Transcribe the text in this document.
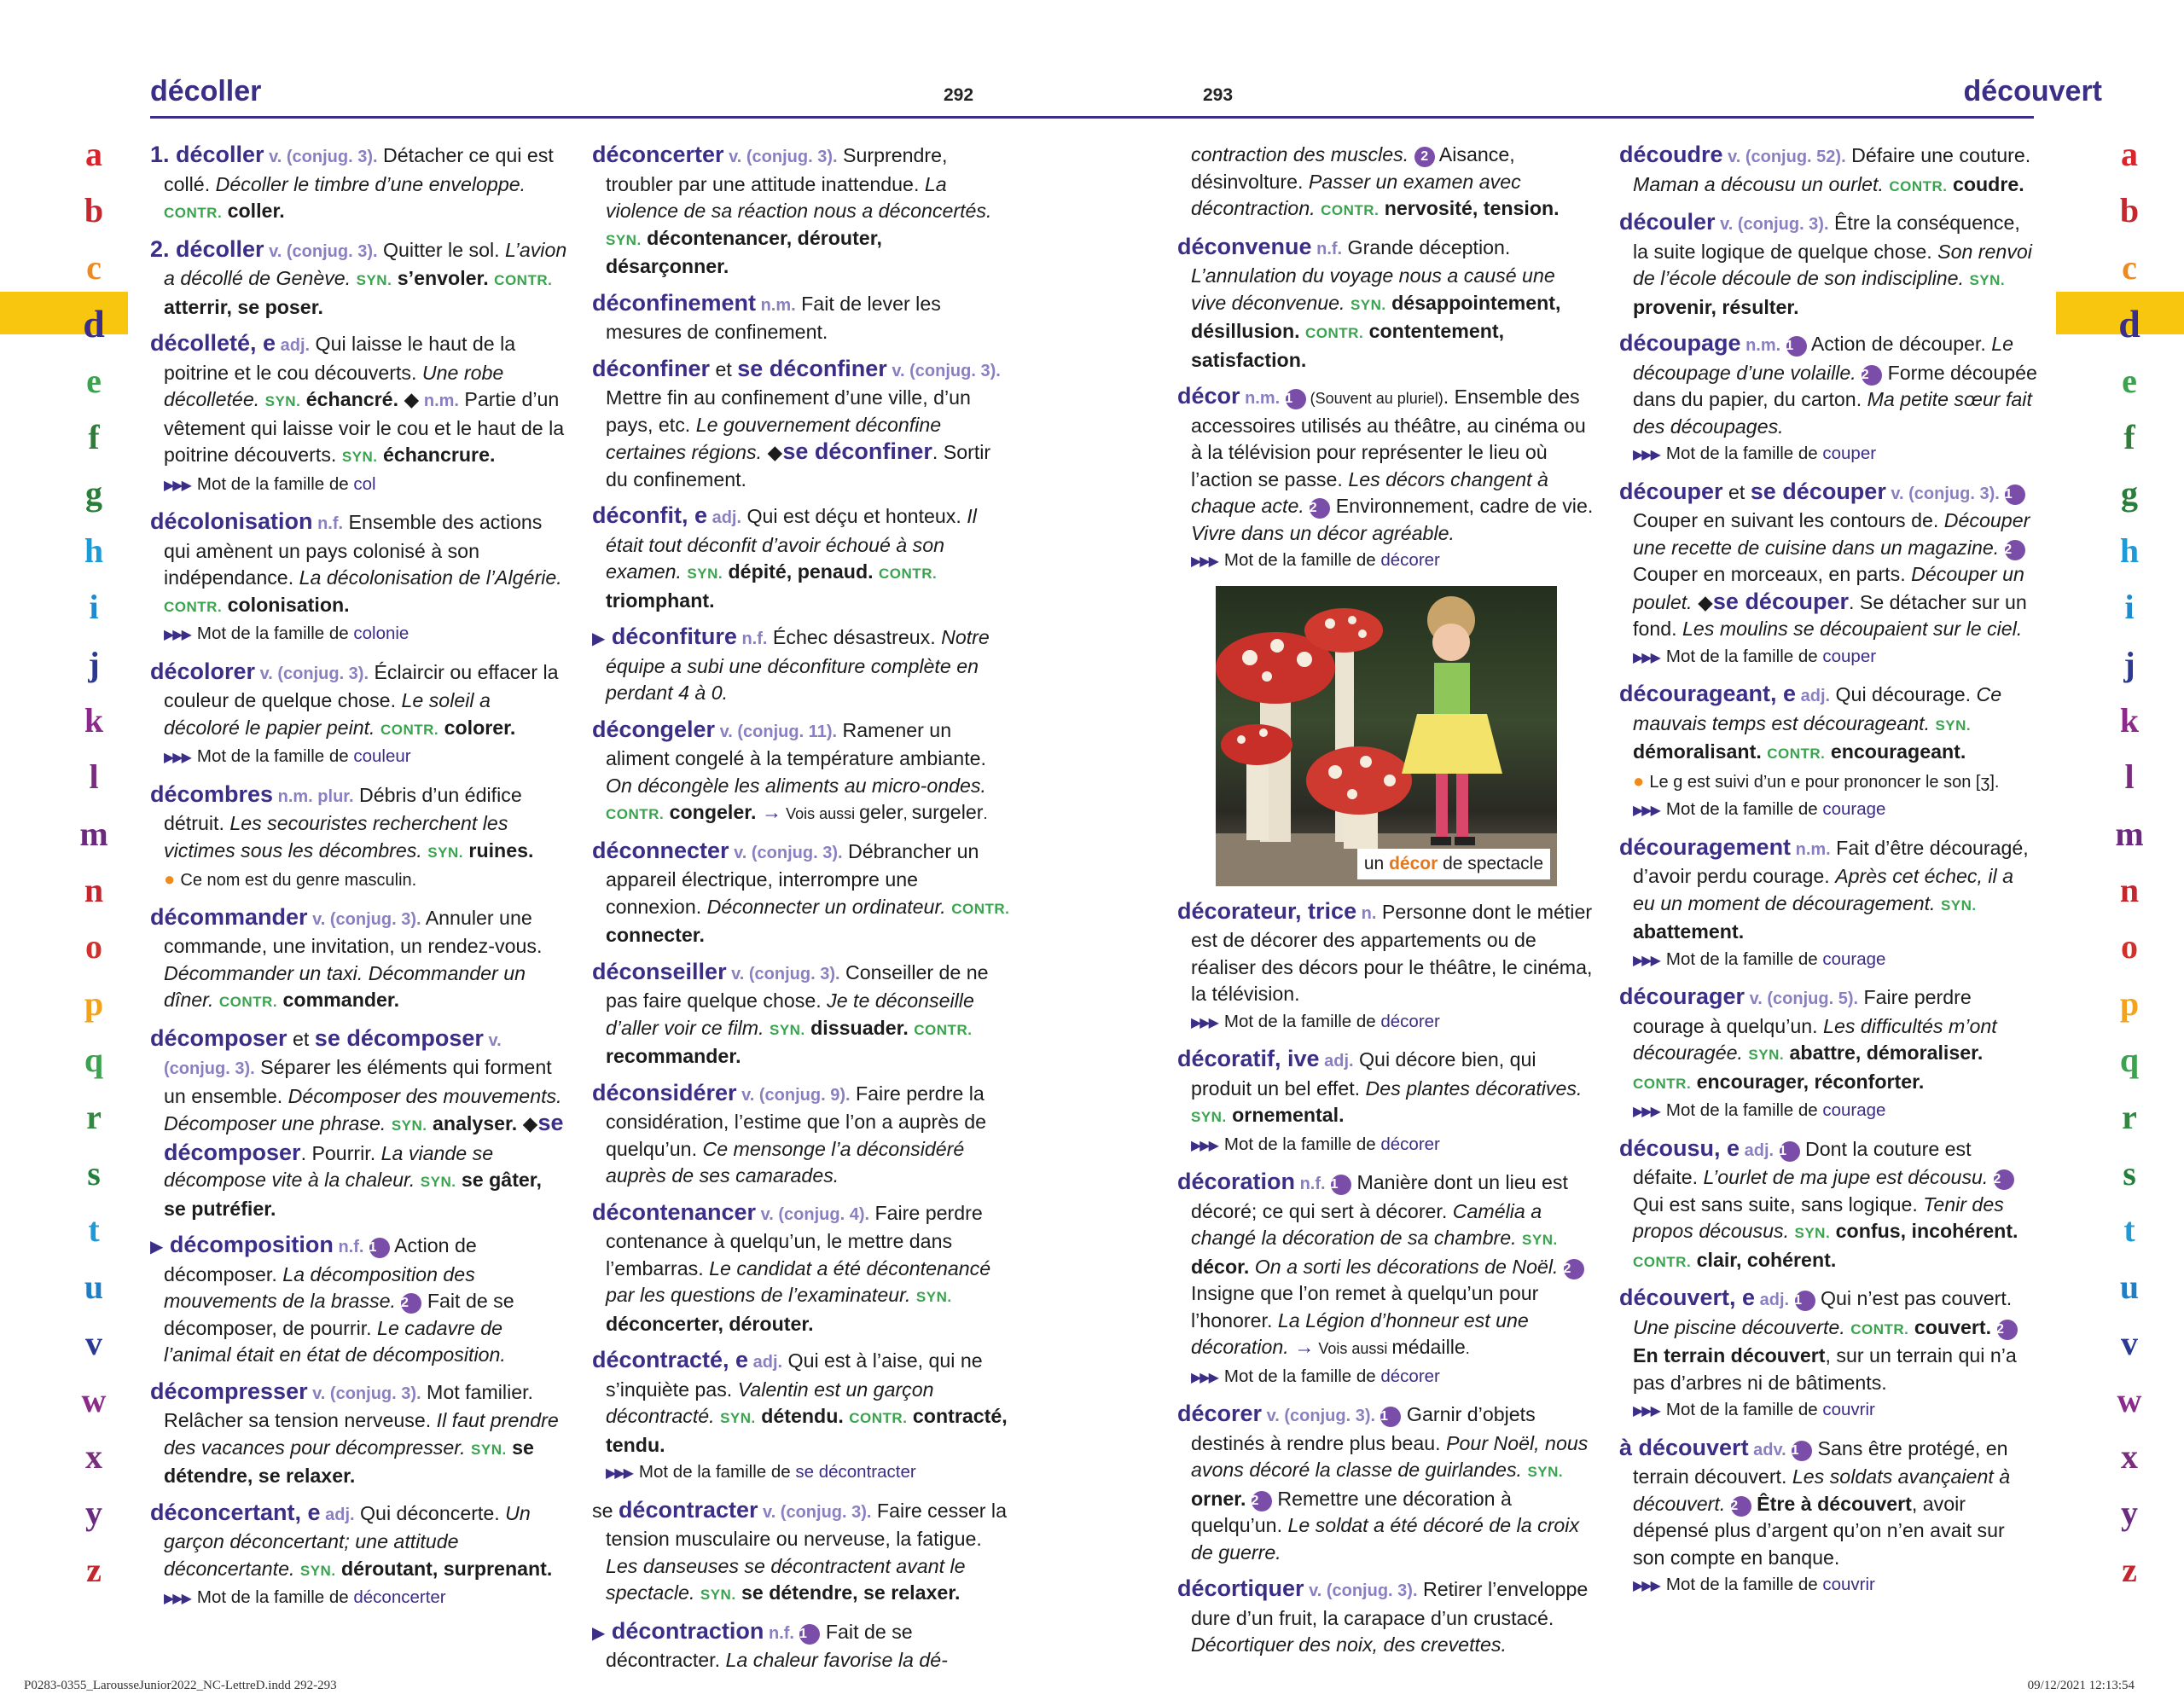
décoller	292
a
b
c
d
e
f
g
h
i
j
k
l
m
n
o
p
q
r
s
t
u
v
w
x
y
z
1. décoller v. (conjug. 3). Détacher ce qui est collé. Décoller le timbre d’une enveloppe. CONTR. coller.
2. décoller v. (conjug. 3). Quitter le sol. L’avion a décollé de Genève. SYN. s’envoler. CONTR. atterrir, se poser.
décolleté, e adj. Qui laisse le haut de la poitrine et le cou découverts. Une robe décolletée. SYN. échancré. ◆ n.m. Partie d’un vêtement qui laisse voir le cou et le haut de la poitrine découverts. SYN. échancrure.
▶▶▶ Mot de la famille de col
décolonisation n.f. Ensemble des actions qui amènent un pays colonisé à son indépendance. La décolonisation de l’Algérie. CONTR. colonisation.
▶▶▶ Mot de la famille de colonie
décolorer v. (conjug. 3). Éclaircir ou effacer la couleur de quelque chose. Le soleil a décoloré le papier peint. CONTR. colorer.
▶▶▶ Mot de la famille de couleur
décombres n.m. plur. Débris d’un édifice détruit. Les secouristes recherchent les victimes sous les décombres. SYN. ruines.
● Ce nom est du genre masculin.
décommander v. (conjug. 3). Annuler une commande, une invitation, un rendez-vous. Décommander un taxi. Décommander un dîner. CONTR. commander.
décomposer et se décomposer v. (conjug. 3). Séparer les éléments qui forment un ensemble. Décomposer des mouvements. Décomposer une phrase. SYN. analyser. ◆se décomposer. Pourrir. La viande se décompose vite à la chaleur. SYN. se gâter, se putréfier.
▶ décomposition n.f. 1 Action de décomposer. La décomposition des mouvements de la brasse. 2 Fait de se décomposer, de pourrir. Le cadavre de l’animal était en état de décomposition.
décompresser v. (conjug. 3). Mot familier. Relâcher sa tension nerveuse. Il faut prendre des vacances pour décompresser. SYN. se détendre, se relaxer.
déconcertant, e adj. Qui déconcerte. Un garçon déconcertant; une attitude déconcertante. SYN. déroutant, surprenant.
▶▶▶ Mot de la famille de déconcerter
déconcerter v. (conjug. 3). Surprendre, troubler par une attitude inattendue. La violence de sa réaction nous a déconcertés. SYN. décontenancer, dérouter, désarçonner.
déconfinement n.m. Fait de lever les mesures de confinement.
déconfiner et se déconfiner v. (conjug. 3). Mettre fin au confinement d’une ville, d’un pays, etc. Le gouvernement déconfine certaines régions. ◆se déconfiner. Sortir du confinement.
déconfit, e adj. Qui est déçu et honteux. Il était tout déconfit d’avoir échoué à son examen. SYN. dépité, penaud. CONTR. triomphant.
▶ déconfiture n.f. Échec désastreux. Notre équipe a subi une déconfiture complète en perdant 4 à 0.
décongeler v. (conjug. 11). Ramener un aliment congelé à la température ambiante. On décongèle les aliments au micro-ondes. CONTR. congeler. → Vois aussi geler, surgeler.
déconnecter v. (conjug. 3). Débrancher un appareil électrique, interrompre une connexion. Déconnecter un ordinateur. CONTR. connecter.
déconseiller v. (conjug. 3). Conseiller de ne pas faire quelque chose. Je te déconseille d’aller voir ce film. SYN. dissuader. CONTR. recommander.
déconsidérer v. (conjug. 9). Faire perdre la considération, l’estime que l’on a auprès de quelqu’un. Ce mensonge l’a déconsidéré auprès de ses camarades.
décontenancer v. (conjug. 4). Faire perdre contenance à quelqu’un, le mettre dans l’embarras. Le candidat a été décontenancé par les questions de l’examinateur. SYN. déconcerter, dérouter.
décontracté, e adj. Qui est à l’aise, qui ne s’inquiète pas. Valentin est un garçon décontracté. SYN. détendu. CONTR. contracté, tendu.
▶▶▶ Mot de la famille de se décontracter
se décontracter v. (conjug. 3). Faire cesser la tension musculaire ou nerveuse, la fatigue. Les danseuses se décontractent avant le spectacle. SYN. se détendre, se relaxer.
▶ décontraction n.f. 1 Fait de se décontracter. La chaleur favorise la dé-
P0283-0355_LarousseJunior2022_NC-LettreD.indd 292-293
293	découvert
a
b
c
d
e
f
g
h
i
j
k
l
m
n
o
p
q
r
s
t
u
v
w
x
y
z
contraction des muscles. 2 Aisance, désinvolture. Passer un examen avec décontraction. CONTR. nervosité, tension.
déconvenue n.f. Grande déception. L’annulation du voyage nous a causé une vive déconvenue. SYN. désappointement, désillusion. CONTR. contentement, satisfaction.
décor n.m. 1 (Souvent au pluriel). Ensemble des accessoires utilisés au théâtre, au cinéma ou à la télévision pour représenter le lieu où l’action se passe. Les décors changent à chaque acte. 2 Environnement, cadre de vie. Vivre dans un décor agréable.
▶▶▶ Mot de la famille de décorer
un décor de spectacle
décorateur, trice n. Personne dont le métier est de décorer des appartements ou de réaliser des décors pour le théâtre, le cinéma, la télévision.
▶▶▶ Mot de la famille de décorer
décoratif, ive adj. Qui décore bien, qui produit un bel effet. Des plantes décoratives. SYN. ornemental.
▶▶▶ Mot de la famille de décorer
décoration n.f. 1 Manière dont un lieu est décoré; ce qui sert à décorer. Camélia a changé la décoration de sa chambre. SYN. décor. On a sorti les décorations de Noël. 2 Insigne que l’on remet à quelqu’un pour l’honorer. La Légion d’honneur est une décoration. → Vois aussi médaille.
▶▶▶ Mot de la famille de décorer
décorer v. (conjug. 3). 1 Garnir d’objets destinés à rendre plus beau. Pour Noël, nous avons décoré la classe de guirlandes. SYN. orner. 2 Remettre une décoration à quelqu’un. Le soldat a été décoré de la croix de guerre.
décortiquer v. (conjug. 3). Retirer l’enveloppe dure d’un fruit, la carapace d’un crustacé. Décortiquer des noix, des crevettes.
découdre v. (conjug. 52). Défaire une couture. Maman a décousu un ourlet. CONTR. coudre.
découler v. (conjug. 3). Être la conséquence, la suite logique de quelque chose. Son renvoi de l’école découle de son indiscipline. SYN. provenir, résulter.
découpage n.m. 1 Action de découper. Le découpage d’une volaille. 2 Forme découpée dans du papier, du carton. Ma petite sœur fait des découpages.
▶▶▶ Mot de la famille de couper
découper et se découper v. (conjug. 3). 1 Couper en suivant les contours de. Découper une recette de cuisine dans un magazine. 2 Couper en morceaux, en parts. Découper un poulet. ◆se découper. Se détacher sur un fond. Les moulins se découpaient sur le ciel.
▶▶▶ Mot de la famille de couper
décourageant, e adj. Qui décourage. Ce mauvais temps est décourageant. SYN. démoralisant. CONTR. encourageant.
● Le g est suivi d’un e pour prononcer le son [ʒ].
▶▶▶ Mot de la famille de courage
découragement n.m. Fait d’être découragé, d’avoir perdu courage. Après cet échec, il a eu un moment de découragement. SYN. abattement.
▶▶▶ Mot de la famille de courage
décourager v. (conjug. 5). Faire perdre courage à quelqu’un. Les difficultés m’ont découragée. SYN. abattre, démoraliser. CONTR. encourager, réconforter.
▶▶▶ Mot de la famille de courage
décousu, e adj. 1 Dont la couture est défaite. L’ourlet de ma jupe est décousu. 2 Qui est sans suite, sans logique. Tenir des propos décousus. SYN. confus, incohérent. CONTR. clair, cohérent.
découvert, e adj. 1 Qui n’est pas couvert. Une piscine découverte. CONTR. couvert. 2 En terrain découvert, sur un terrain qui n’a pas d’arbres ni de bâtiments.
▶▶▶ Mot de la famille de couvrir
à découvert adv. 1 Sans être protégé, en terrain découvert. Les soldats avançaient à découvert. 2 Être à découvert, avoir dépensé plus d’argent qu’on n’en avait sur son compte en banque.
▶▶▶ Mot de la famille de couvrir
09/12/2021 12:13:54
